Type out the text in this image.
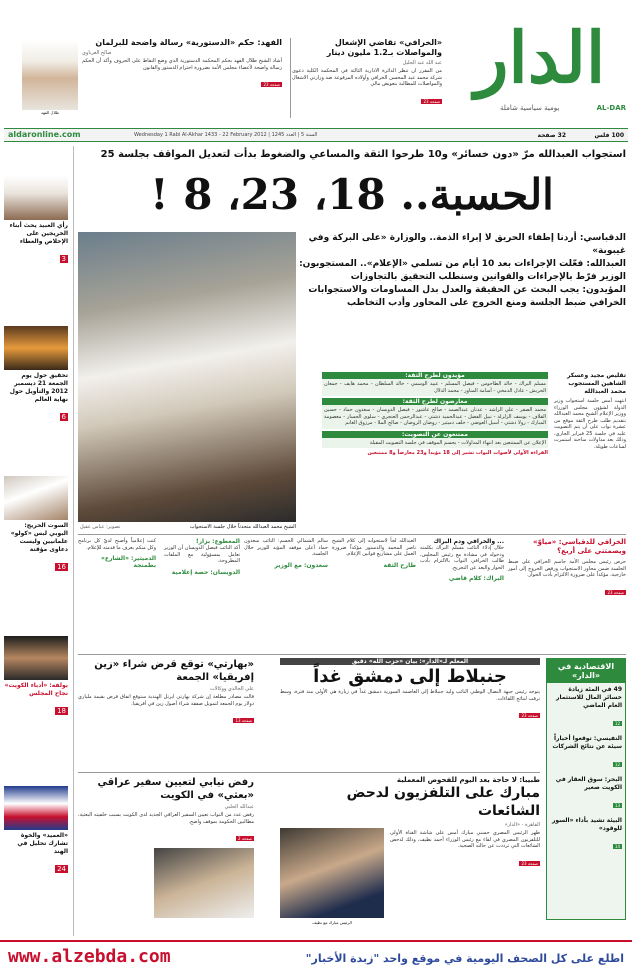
الدار
يومية سياسية شاملة	AL-DAR
«الخرافي» تقاضي الإشغال والمواصلات بـ1.2 مليون دينار
عبد الله عبد الجليل
من المقرر ان تنظر الدائرة الادارية الثالثة في المحكمة الكلية دعوى شركة محمد عبد المحسن الخرافي وأولاده المرفوعة ضد وزارتي الاشغال والمواصلات للمطالبة بتعويض مالي
صفحة 23
الفهد: حكم «الدستورية» رسالة واضحة للبرلمان
صالح الغرباوي
أشاد الشيخ طلال الفهد بحكم المحكمة الدستورية الذي وضع النقاط على الحروف وأكد أن الحكم رسالة واضحة لأعضاء مجلس الأمة بضرورة احترام الدستور والقانون
صفحة 23
طلال الفهد
aldaronline.com	Wednesday 1 Rabi Al-Akhar 1433 - 22 February 2012 | السنة 5 | العدد 1245	32 صفحة	100 فلس
رأي العبيد يحث أبناء الخريجين على الإخلاص والعطاء
3
تحقيق حول يوم الجمعة 21 ديسمبر 2012 والتأويل حول نهاية العالم
6
السوت الحريج: البوبي لبس «كولو» علمانيين وليست دعاوى مؤقتة
16
بولفه: «أدباء الكويت» نجاح المجلس
18
«العميد» والخوة تشارك تحليل في الهند
24
استجواب العبدالله مرّ «دون خسائر» و10 طرحوا الثقة والمساعي والضغوط بدأت لتعديل المواقف بجلسة 25
الحسبة.. 18، 23، 8 !
الدقباسي: أردنا إطفاء الحريق لا إبراء الذمة.. والوزارة «على البركة وفي غيبوبة»
العبدالله: فعّلت الإجراءات بعد 10 أيام من تسلمي «الإعلام».. المستجوبون: الوزير فرّط بالإجراءات والقوانين وسنطلب التحقيق بالتجاوزات
المؤيدون: يجب البحث عن الحقيقة والعدل بدل المساومات والاستجوابات
الخرافي ضبط الجلسة ومنع الخروج على المحاور وأدب التخاطب
الشيخ محمد العبدالله متحدثاً خلال جلسة الاستجواب
تصوير: عباس عقيل
تقليص مجيد وعسكر الشاهين المستجوب محمد العبدالله
انتهت أمس جلسة استجواب وزير الدولة لشؤون مجلس الوزراء ووزير الإعلام الشيخ محمد العبدالله بتقديم طلب طرح الثقة موقع من عشرة نواب على أن يتم التصويت عليه في جلسة 25 فبراير الجاري، وذلك بعد مداولات ساخنة استمرت لساعات طويلة.
مؤيدون لطرح الثقة:
مسلم البراك - خالد الطاحوس - فيصل المسلم - عبيد الوسمي - خالد السلطان - محمد هايف - جمعان الحربش - عادل الدمخي - أسامة المناور - محمد الدلال
معارضون لطرح الثقة:
محمد الصقر - علي الراشد - عدنان عبدالصمد - صالح عاشور - فيصل الدويسان - سعدون حماد - حسين القلاف - يوسف الزلزلة - نبيل الفضل - عبدالحميد دشتي - عبدالرحمن العنجري - سلوى الجسار - معصومة المبارك - رولا دشتي - أسيل العوضي - خلف دميثير - روضان الروضان - صالح الملا - مرزوق الغانم
ممتنعون عن التصويت:
الإعلان عن الممتنعين بعد انتهاء المداولات - يحسم الموقف في جلسة التصويت المقبلة
القراءة الأولى لأصوات النواب تشير إلى 18 مؤيداً و23 معارضاً و8 ممتنعين
الخرافي للدقباسي: «مياوّ» ويصمتني على أربع؟
حرص رئيس مجلس الأمة جاسم الخرافي على ضبط الجلسة ضمن محاور الاستجواب ورفض الخروج إلى أمور خارجية، مؤكداً على ضرورة الالتزام بأدب الحوار.
صفحة 23
... والخرافي ودم البراك
خلال إدلاء النائب مسلم البراك بكلمته ودخوله في مشادة مع رئيس المجلس، طالب الخرافي النواب بالالتزام بأدب الحوار والبعد عن التجريح.
البراك: كلام قاضي
العبدالله لجأ لاستجوابه إلى كلام الشيخ ناصر المحمد والدستور مؤكداً ضرورة العمل على مشاريع قوانين الإعلام.
طارح الثقة
سالم الشمالي الحسم: النائب سعدون حماد أعلن موقفه المؤيد للوزير خلال الجلسة.
سعدون: مع الوزير
المعطوع: بزاز!
أكد النائب فيصل الدويسان أن الوزير تعامل بمسؤولية مع الملفات المطروحة.
الدويسان: حصة إعلامية
كنت إعلامياً وأصبح لديّ كل برنامج وكل منكم يعرف ما قدمته للإعلام.
الدميثير: «الشارع» بطمنجة
الاقتصادية في «الدار»
49 في المئة زيادة خسائر المال للاستثمار العام الماضي
12
النفيسي: توقعوا أخباراً سيئة عن نتائج الشركات
12
البحر: سوق العقار في الكويت صغير
13
البيئة تشيد بأداء «السور للوقود»
14
المعلم لـ«الدار»: بيان «حزب الله» دقيق
جنبلاط إلى دمشق غداً
يتوجه رئيس جبهة النضال الوطني النائب وليد جنبلاط إلى العاصمة السورية دمشق غداً في زيارة هي الأولى منذ فترة، وسط ترقب لنتائج اللقاءات.
صفحة 23
«بهارتي» توقع قرض شراء «زين إفريقيا» الجمعة
علي الخالدي ووكالات
قالت مصادر مطلعة إن شركة بهارتي ايرتل الهندية ستوقع اتفاق قرض بقيمة ملياري دولار يوم الجمعة لتمويل صفقة شراء أصول زين في أفريقيا.
صفحة 13
طبيبا: لا حاجة بعد اليوم للفحوص المعملية
مبارك على التلفزيون لدحض الشائعات
القاهرة - «الدار»
ظهر الرئيس المصري حسني مبارك أمس على شاشة القناة الأولى للتلفزيون المصري في لقاء مع رئيس الوزراء أحمد نظيف، وذلك لدحض الشائعات التي ترددت عن حالته الصحية.
صفحة 23
الرئيس مبارك مع نظيف
رفض نيابي لتعيين سفير عراقي «بعثي» في الكويت
عبدالله الحلبي
رفض عدد من النواب تعيين السفير العراقي الجديد لدى الكويت بسبب خلفيته البعثية، مطالبين الحكومة بموقف واضح.
صفحة 2
www.alzebda.com	اطلع على كل الصحف اليومية في موقع واحد "زبدة الأخبار"
